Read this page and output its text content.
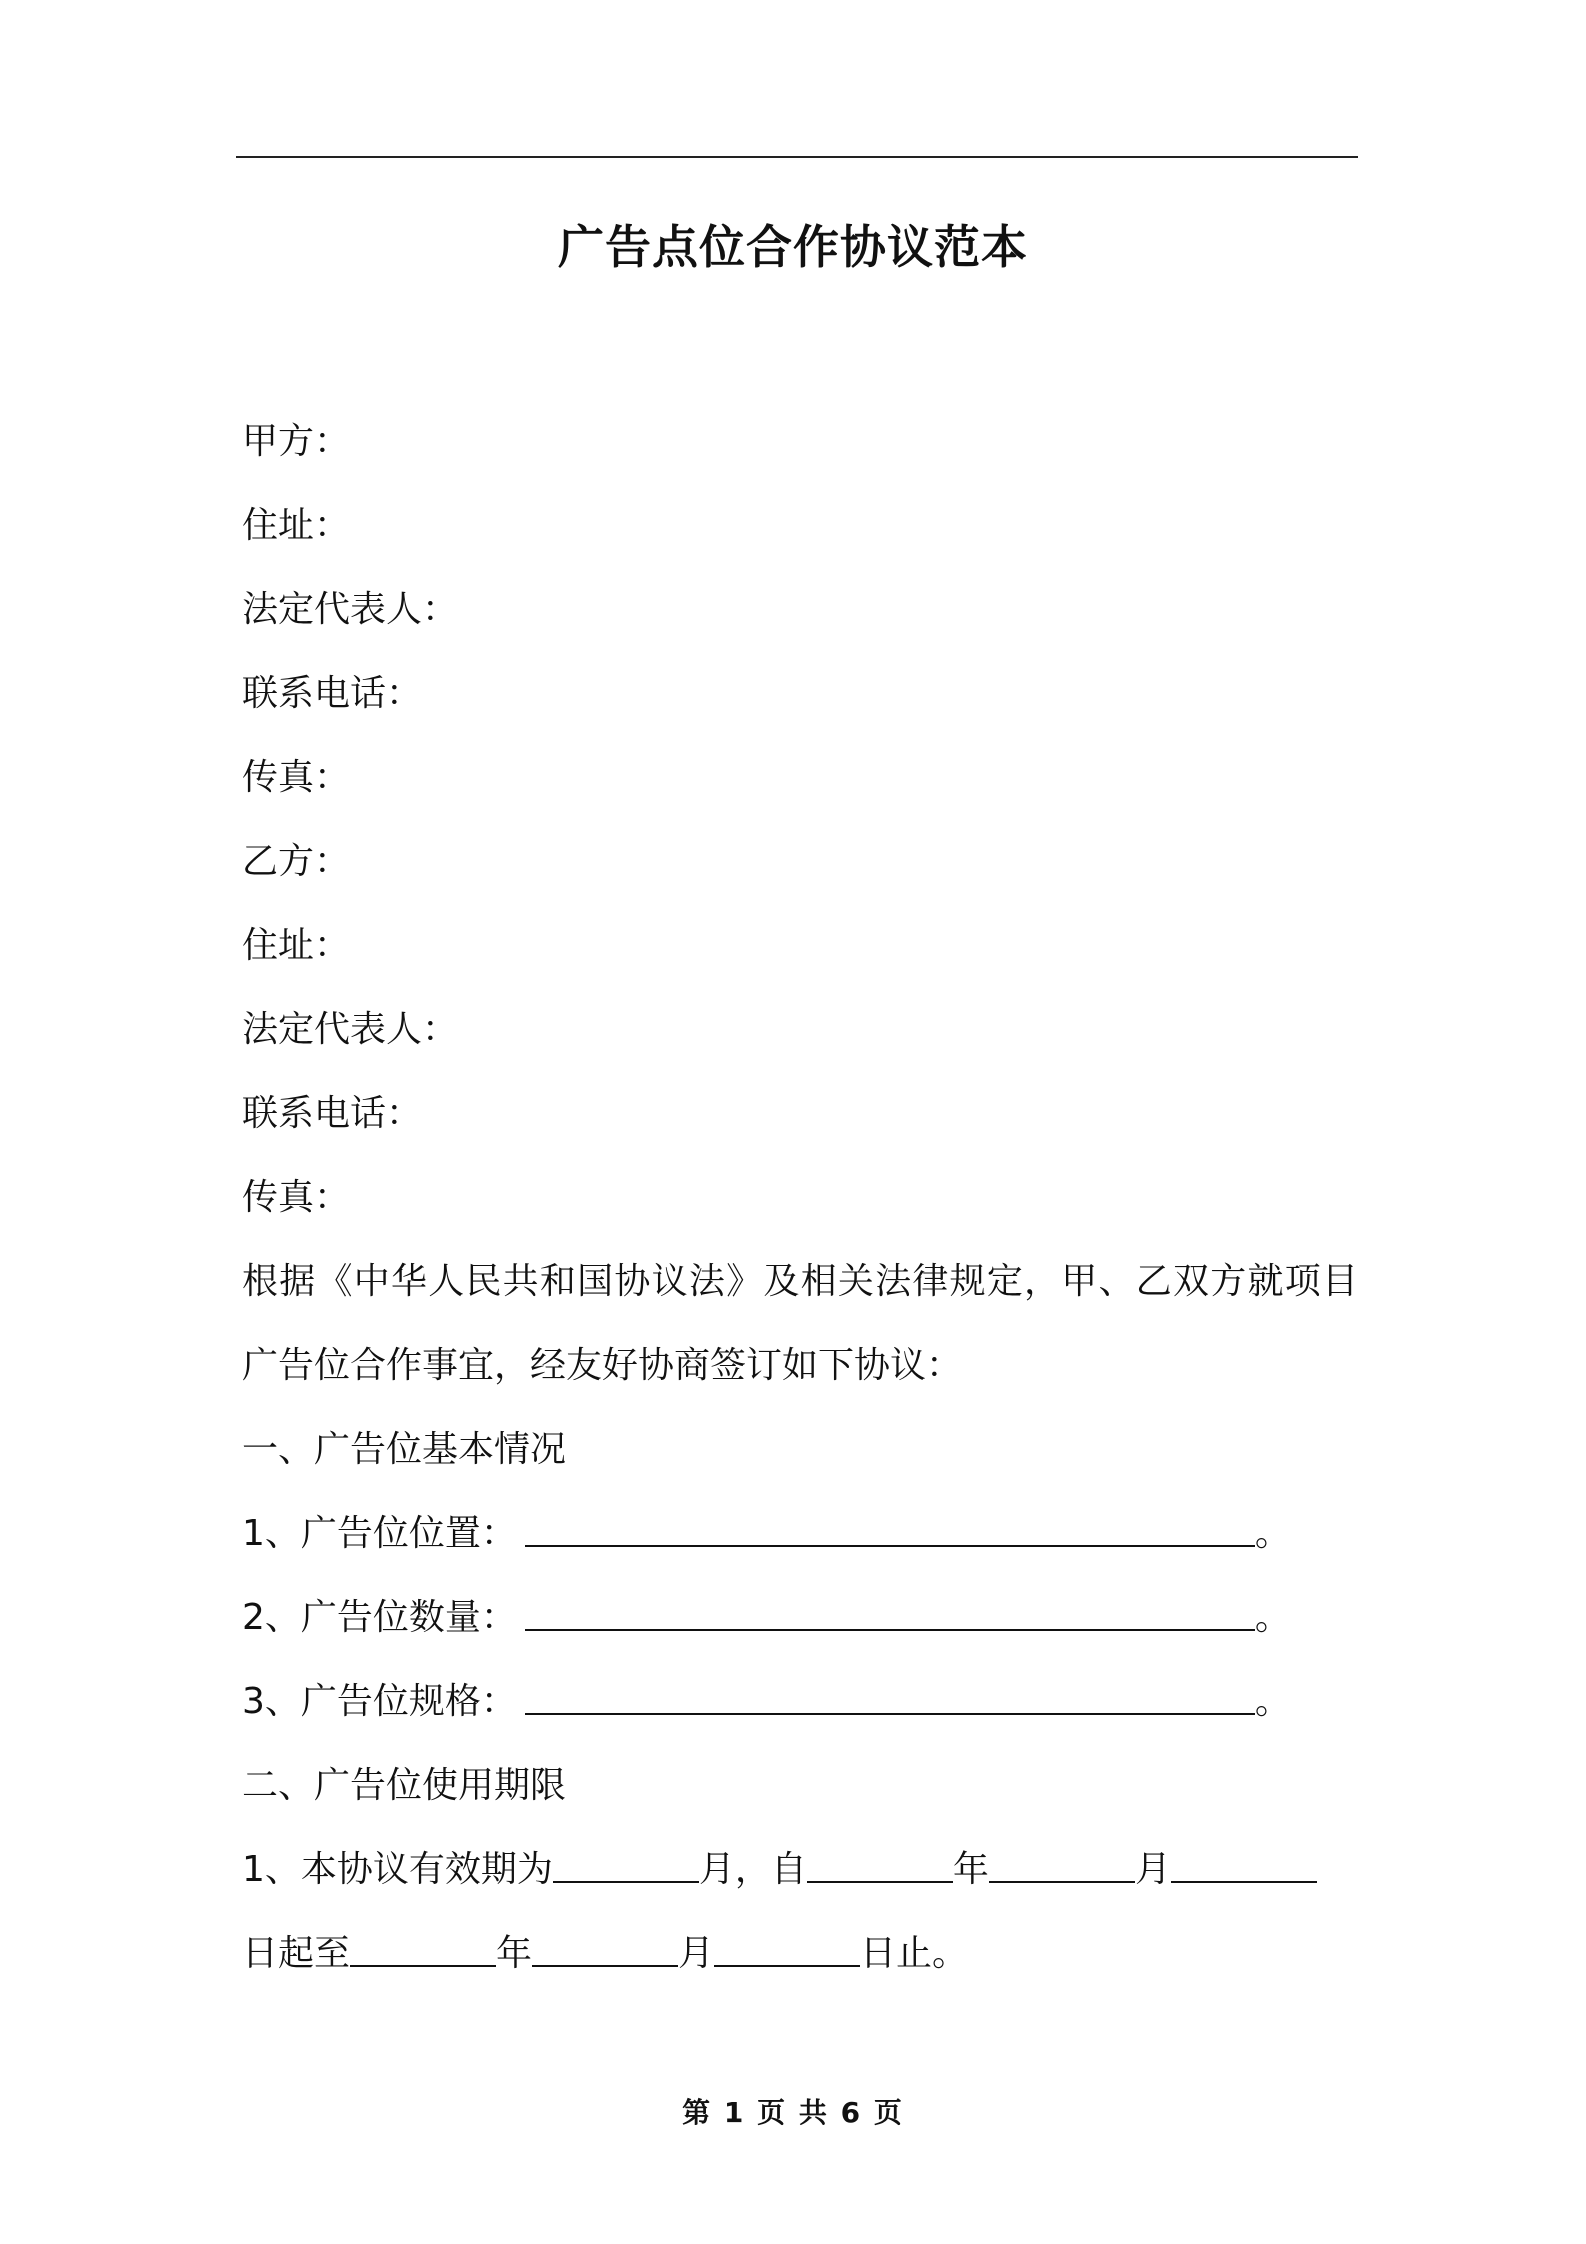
广告点位合作协议范本
甲方：
住址：
法定代表人：
联系电话：
传真：
乙方：
住址：
法定代表人：
联系电话：
传真：
根据《中华人民共和国协议法》及相关法律规定，甲、乙双方就项目
广告位合作事宜，经友好协商签订如下协议：
一、广告位基本情况
1、广告位位置：	。
2、广告位数量：	。
3、广告位规格：	。
二、广告位使用期限
1、本协议有效期为	月，自	年	月
日起至	年	月	日止。
第 1 页 共 6 页
